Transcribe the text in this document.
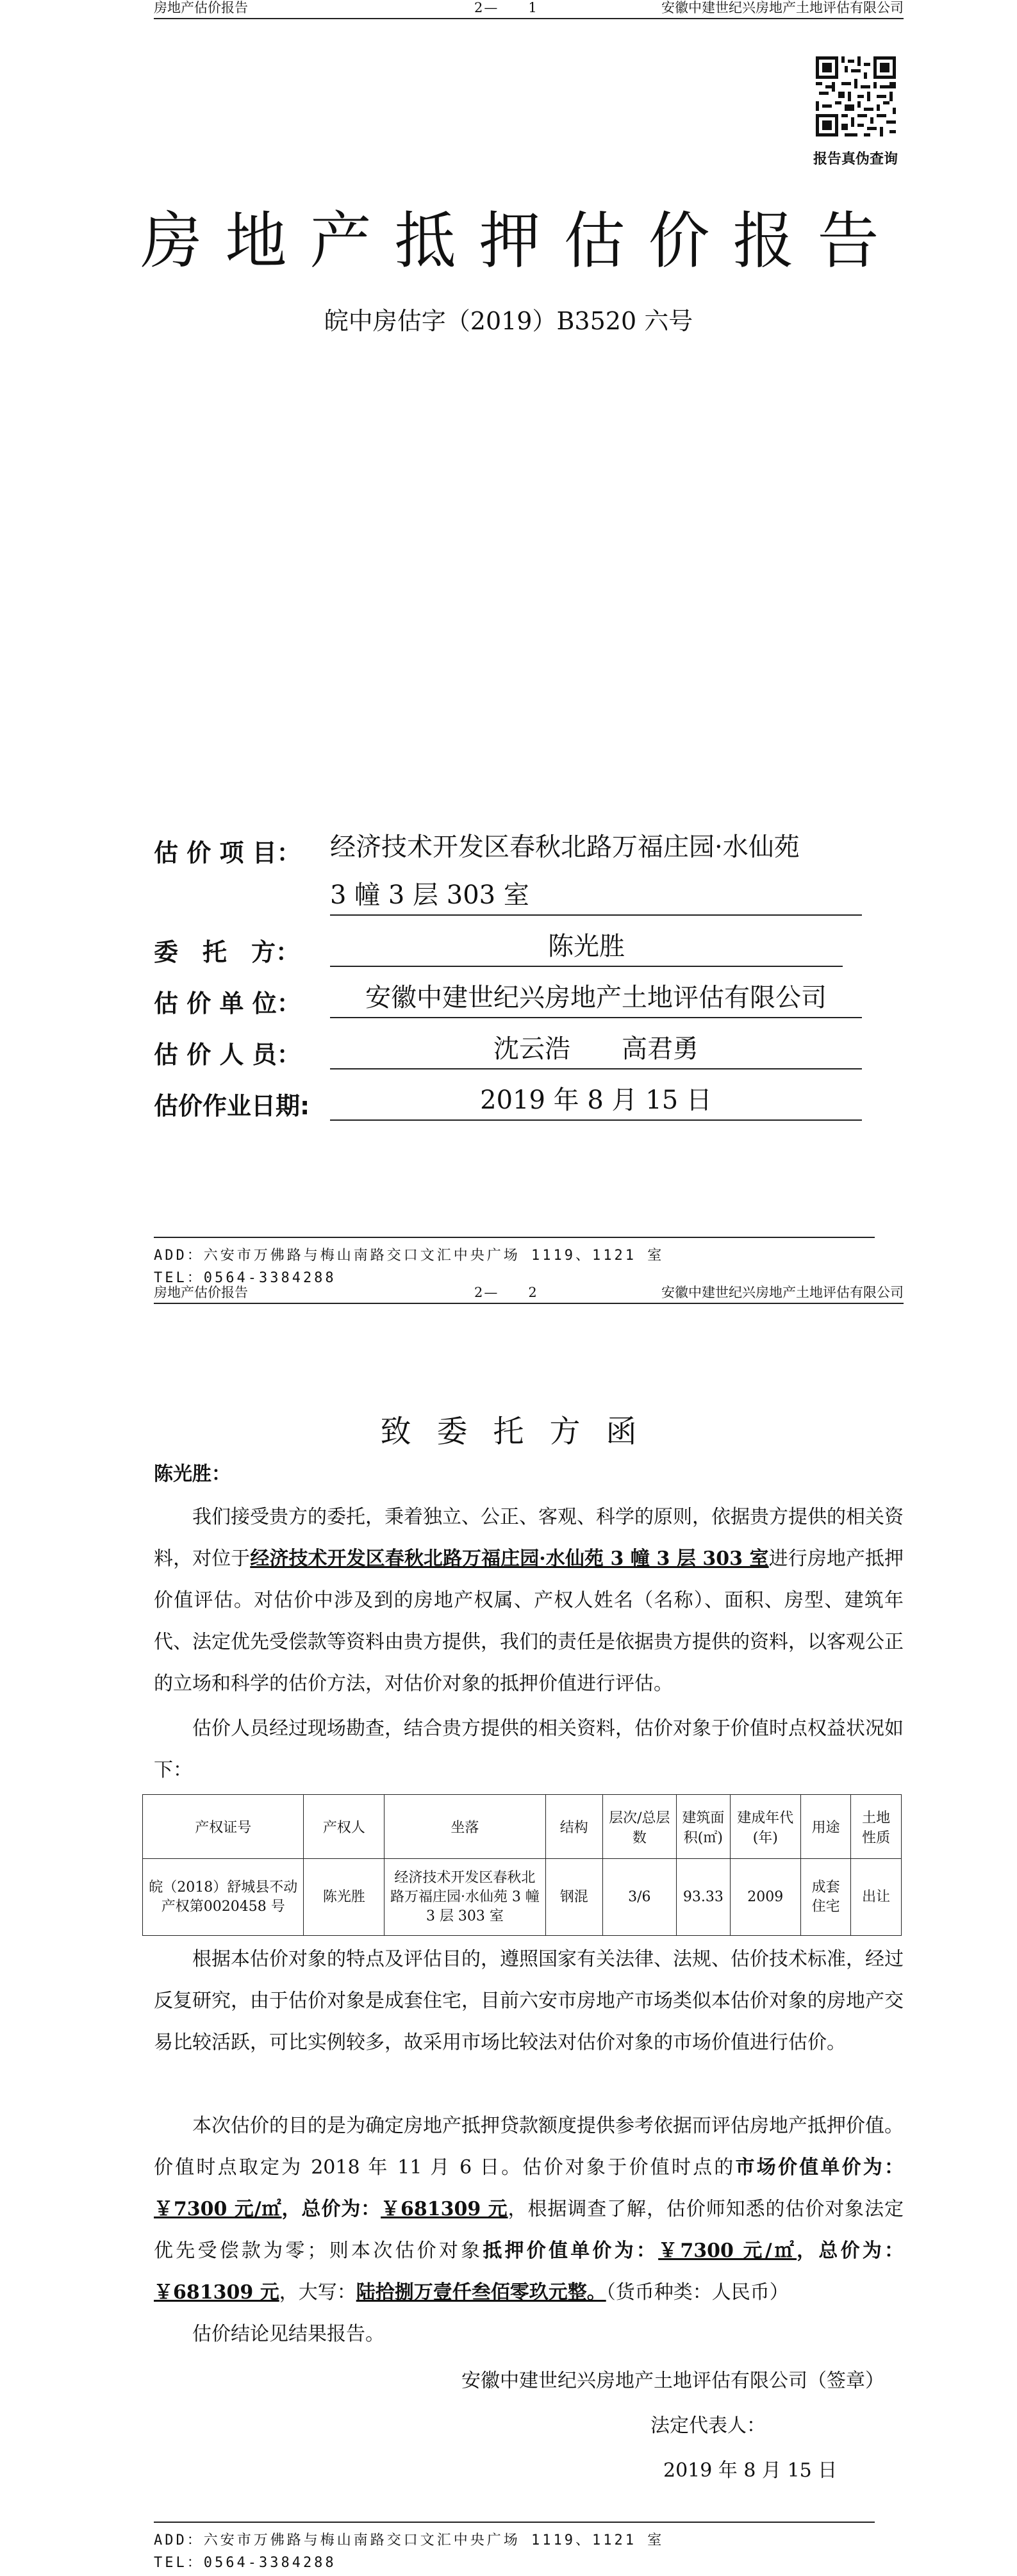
房地产估价报告	2—　　1	安徽中建世纪兴房地产土地评估有限公司
报告真伪查询
房地产抵押估价报告
皖中房估字（2019）B3520 六号
估 价 项 目： 经济技术开发区春秋北路万福庄园·水仙苑
3 幢 3 层 303 室
委　托　方：	陈光胜
估 价 单 位：	安徽中建世纪兴房地产土地评估有限公司
估 价 人 员：	沈云浩　　高君勇
估价作业日期:	2019 年 8 月 15 日
ADD：六安市万佛路与梅山南路交口文汇中央广场 1119、1121 室
TEL：0564-3384288
房地产估价报告	2—　　2	安徽中建世纪兴房地产土地评估有限公司
致委托方函
陈光胜：

我们接受贵方的委托，秉着独立、公正、客观、科学的原则，依据贵方提供的相关资料，对位于经济技术开发区春秋北路万福庄园·水仙苑 3 幢 3 层 303 室进行房地产抵押价值评估。对估价中涉及到的房地产权属、产权人姓名（名称）、面积、房型、建筑年代、法定优先受偿款等资料由贵方提供，我们的责任是依据贵方提供的资料，以客观公正的立场和科学的估价方法，对估价对象的抵押价值进行评估。

估价人员经过现场勘查，结合贵方提供的相关资料，估价对象于价值时点权益状况如下：

产权证号	产权人	坐落	结构	层次/总层数	建筑面积(㎡)	建成年代(年)	用途	土地性质
皖（2018）舒城县不动产权第0020458 号	陈光胜	经济技术开发区春秋北路万福庄园·水仙苑 3 幢 3 层 303 室	钢混	3/6	93.33	2009	成套住宅	出让

根据本估价对象的特点及评估目的，遵照国家有关法律、法规、估价技术标准，经过反复研究，由于估价对象是成套住宅，目前六安市房地产市场类似本估价对象的房地产交易比较活跃，可比实例较多，故采用市场比较法对估价对象的市场价值进行估价。

本次估价的目的是为确定房地产抵押贷款额度提供参考依据而评估房地产抵押价值。价值时点取定为 2018 年 11 月 6 日。估价对象于价值时点的市场价值单价为：￥7300 元/㎡，总价为：￥681309 元，根据调查了解，估价师知悉的估价对象法定优先受偿款为零；则本次估价对象抵押价值单价为：￥7300 元/㎡，总价为：￥681309 元，大写：陆拾捌万壹仟叁佰零玖元整。（货币种类：人民币）

估价结论见结果报告。

安徽中建世纪兴房地产土地评估有限公司（签章）
法定代表人：
2019 年 8 月 15 日
ADD：六安市万佛路与梅山南路交口文汇中央广场 1119、1121 室
TEL：0564-3384288
